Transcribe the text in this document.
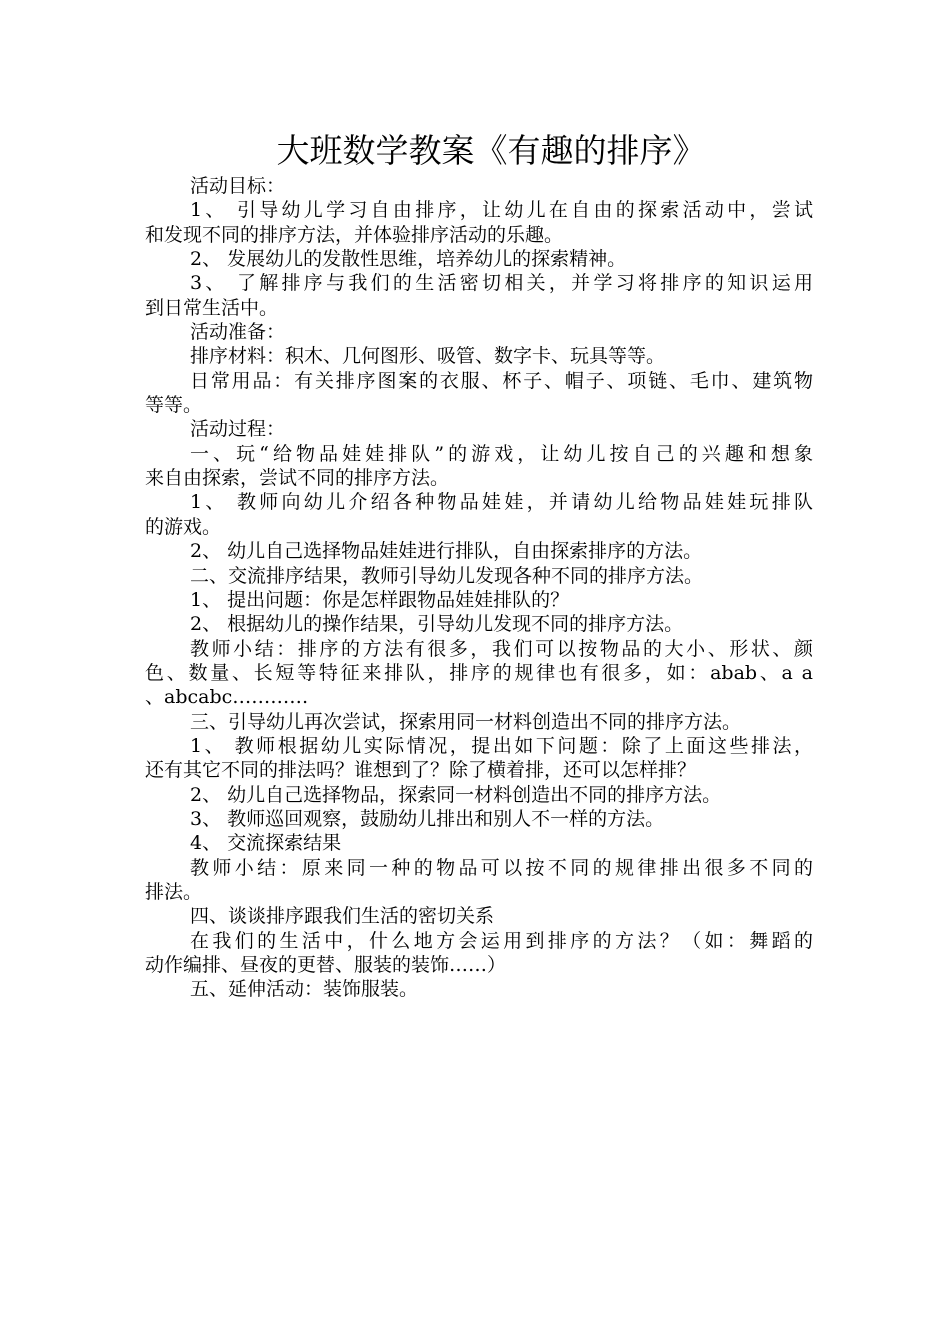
大班数学教案《有趣的排序》
活动目标：
1、 引导幼儿学习自由排序，让幼儿在自由的探索活动中，尝试
和发现不同的排序方法，并体验排序活动的乐趣。
2、 发展幼儿的发散性思维，培养幼儿的探索精神。
3、 了解排序与我们的生活密切相关，并学习将排序的知识运用
到日常生活中。
活动准备：
排序材料：积木、几何图形、吸管、数字卡、玩具等等。
日常用品：有关排序图案的衣服、杯子、帽子、项链、毛巾、建筑物
等等。
活动过程：
一、玩“给物品娃娃排队”的游戏，让幼儿按自己的兴趣和想象
来自由探索，尝试不同的排序方法。
1、 教师向幼儿介绍各种物品娃娃，并请幼儿给物品娃娃玩排队
的游戏。
2、 幼儿自己选择物品娃娃进行排队，自由探索排序的方法。
二、交流排序结果，教师引导幼儿发现各种不同的排序方法。
1、 提出问题：你是怎样跟物品娃娃排队的？
2、 根据幼儿的操作结果，引导幼儿发现不同的排序方法。
教师小结：排序的方法有很多，我们可以按物品的大小、形状、颜
色、数量、长短等特征来排队，排序的规律也有很多，如：abab、a a
、abcabc…………
三、引导幼儿再次尝试，探索用同一材料创造出不同的排序方法。
1、 教师根据幼儿实际情况，提出如下问题：除了上面这些排法，
还有其它不同的排法吗？谁想到了？除了横着排，还可以怎样排？
2、 幼儿自己选择物品，探索同一材料创造出不同的排序方法。
3、 教师巡回观察，鼓励幼儿排出和别人不一样的方法。
4、 交流探索结果
教师小结：原来同一种的物品可以按不同的规律排出很多不同的
排法。
四、谈谈排序跟我们生活的密切关系
在我们的生活中，什么地方会运用到排序的方法？（如：舞蹈的
动作编排、昼夜的更替、服装的装饰……）
五、延伸活动：装饰服装。
